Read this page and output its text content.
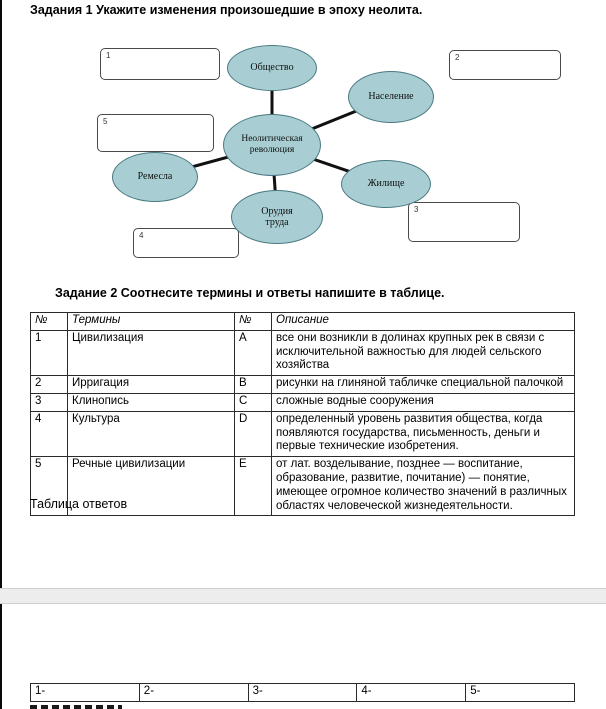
Задания 1 Укажите изменения произошедшие в эпоху неолита.
1	2
3
4
5
Общество
Население
Жилище
Орудия труда
Ремесла
Неолитическая революция
Задание 2 Соотнесите термины и ответы напишите в таблице.
№	Термины	№	Описание
1	Цивилизация	A	все они возникли в долинах крупных рек в связи с исключительной важностью для людей сельского хозяйства
2	Ирригация	B	рисунки на глиняной табличке специальной палочкой
3	Клинопись	C	сложные водные сооружения
4	Культура	D	определенный уровень развития общества, когда появляются государства, письменность, деньги и первые технические изобретения.
5	Речные цивилизации	E	от лат. возделывание, позднее — воспитание, образование, развитие, почитание) — понятие, имеющее огромное количество значений в различных областях человеческой жизнедеятельности.
Таблица ответов
1-	2-	3-	4-	5-
